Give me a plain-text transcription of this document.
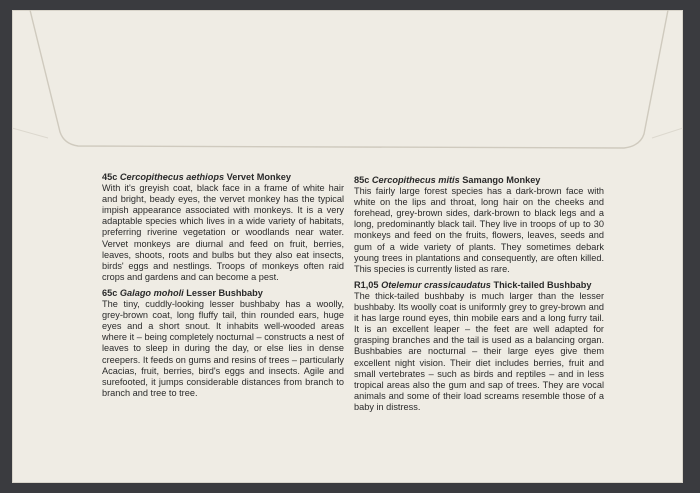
45c Cercopithecus aethiops Vervet Monkey

With it's greyish coat, black face in a frame of white hair and bright, beady eyes, the vervet monkey has the typical impish appearance associated with monkeys. It is a very adaptable species which lives in a wide variety of habitats, preferring riverine vegetation or woodlands near water. Vervet monkeys are diurnal and feed on fruit, berries, leaves, shoots, roots and bulbs but they also eat insects, birds' eggs and nestlings. Troops of monkeys often raid crops and gardens and can become a pest.

65c Galago moholi Lesser Bushbaby

The tiny, cuddly-looking lesser bushbaby has a woolly, grey-brown coat, long fluffy tail, thin rounded ears, huge eyes and a short snout. It inhabits well-wooded areas where it – being completely nocturnal – constructs a nest of leaves to sleep in during the day, or else lies in dense creepers. It feeds on gums and resins of trees – particularly Acacias, fruit, berries, bird's eggs and insects. Agile and surefooted, it jumps considerable distances from branch to branch and tree to tree.

85c Cercopithecus mitis Samango Monkey

This fairly large forest species has a dark-brown face with white on the lips and throat, long hair on the cheeks and forehead, grey-brown sides, dark-brown to black legs and a long, predominantly black tail. They live in troops of up to 30 monkeys and feed on the fruits, flowers, leaves, seeds and gum of a wide variety of plants. They sometimes debark young trees in plantations and consequently, are often killed. This species is currently listed as rare.

R1,05 Otelemur crassicaudatus Thick-tailed Bushbaby

The thick-tailed bushbaby is much larger than the lesser bushbaby. Its woolly coat is uniformly grey to grey-brown and it has large round eyes, thin mobile ears and a long furry tail. It is an excellent leaper – the feet are well adapted for grasping branches and the tail is used as a balancing organ. Bushbabies are nocturnal – their large eyes give them excellent night vision. Their diet includes berries, fruit and small vertebrates – such as birds and reptiles – and in less tropical areas also the gum and sap of trees. They are vocal animals and some of their load screams resemble those of a baby in distress.
